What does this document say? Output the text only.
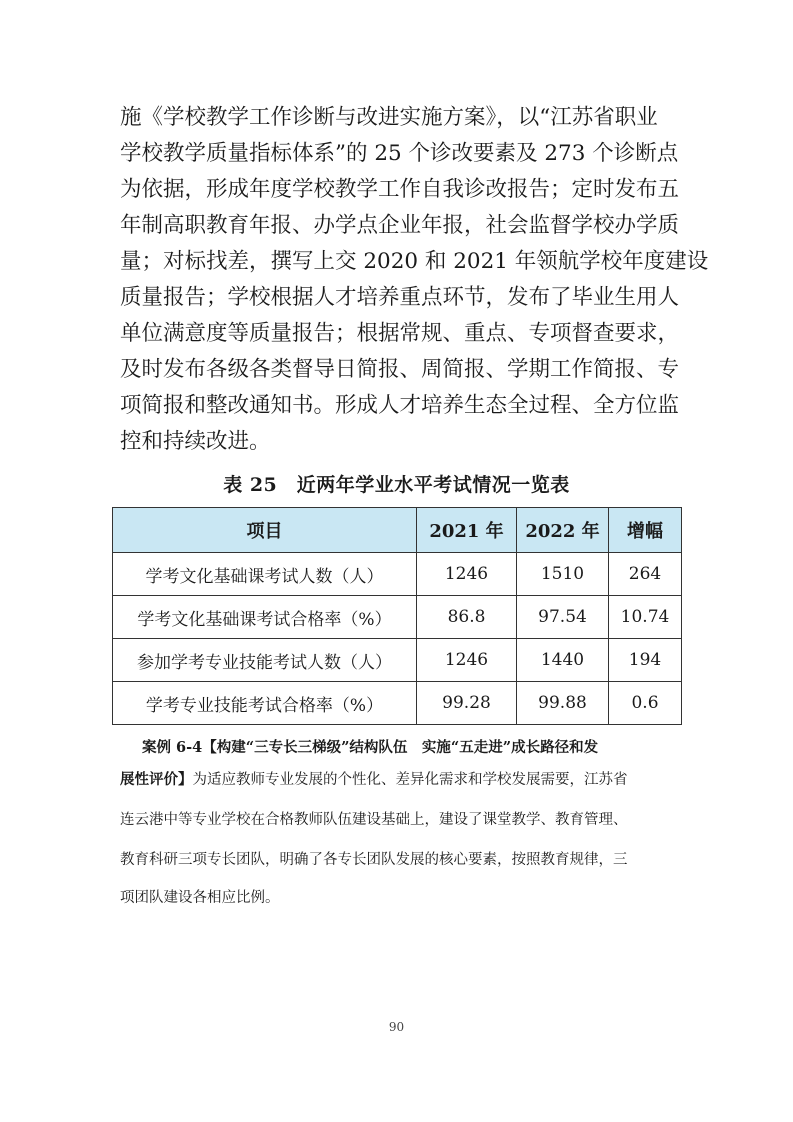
施《学校教学工作诊断与改进实施方案》，以“江苏省职业
学校教学质量指标体系”的 25 个诊改要素及 273 个诊断点
为依据，形成年度学校教学工作自我诊改报告；定时发布五
年制高职教育年报、办学点企业年报，社会监督学校办学质
量；对标找差，撰写上交 2020 和 2021 年领航学校年度建设
质量报告；学校根据人才培养重点环节，发布了毕业生用人
单位满意度等质量报告；根据常规、重点、专项督查要求，
及时发布各级各类督导日简报、周简报、学期工作简报、专
项简报和整改通知书。形成人才培养生态全过程、全方位监
控和持续改进。
表 25　近两年学业水平考试情况一览表
项目	2021 年	2022 年	增幅
学考文化基础课考试人数（人）	1246	1510	264
学考文化基础课考试合格率（%）	86.8	97.54	10.74
参加学考专业技能考试人数（人）	1246	1440	194
学考专业技能考试合格率（%）	99.28	99.88	0.6
案例 6-4【构建“三专长三梯级”结构队伍　实施“五走进”成长路径和发
展性评价】为适应教师专业发展的个性化、差异化需求和学校发展需要，江苏省
连云港中等专业学校在合格教师队伍建设基础上，建设了课堂教学、教育管理、
教育科研三项专长团队，明确了各专长团队发展的核心要素，按照教育规律，三
项团队建设各相应比例。
90
